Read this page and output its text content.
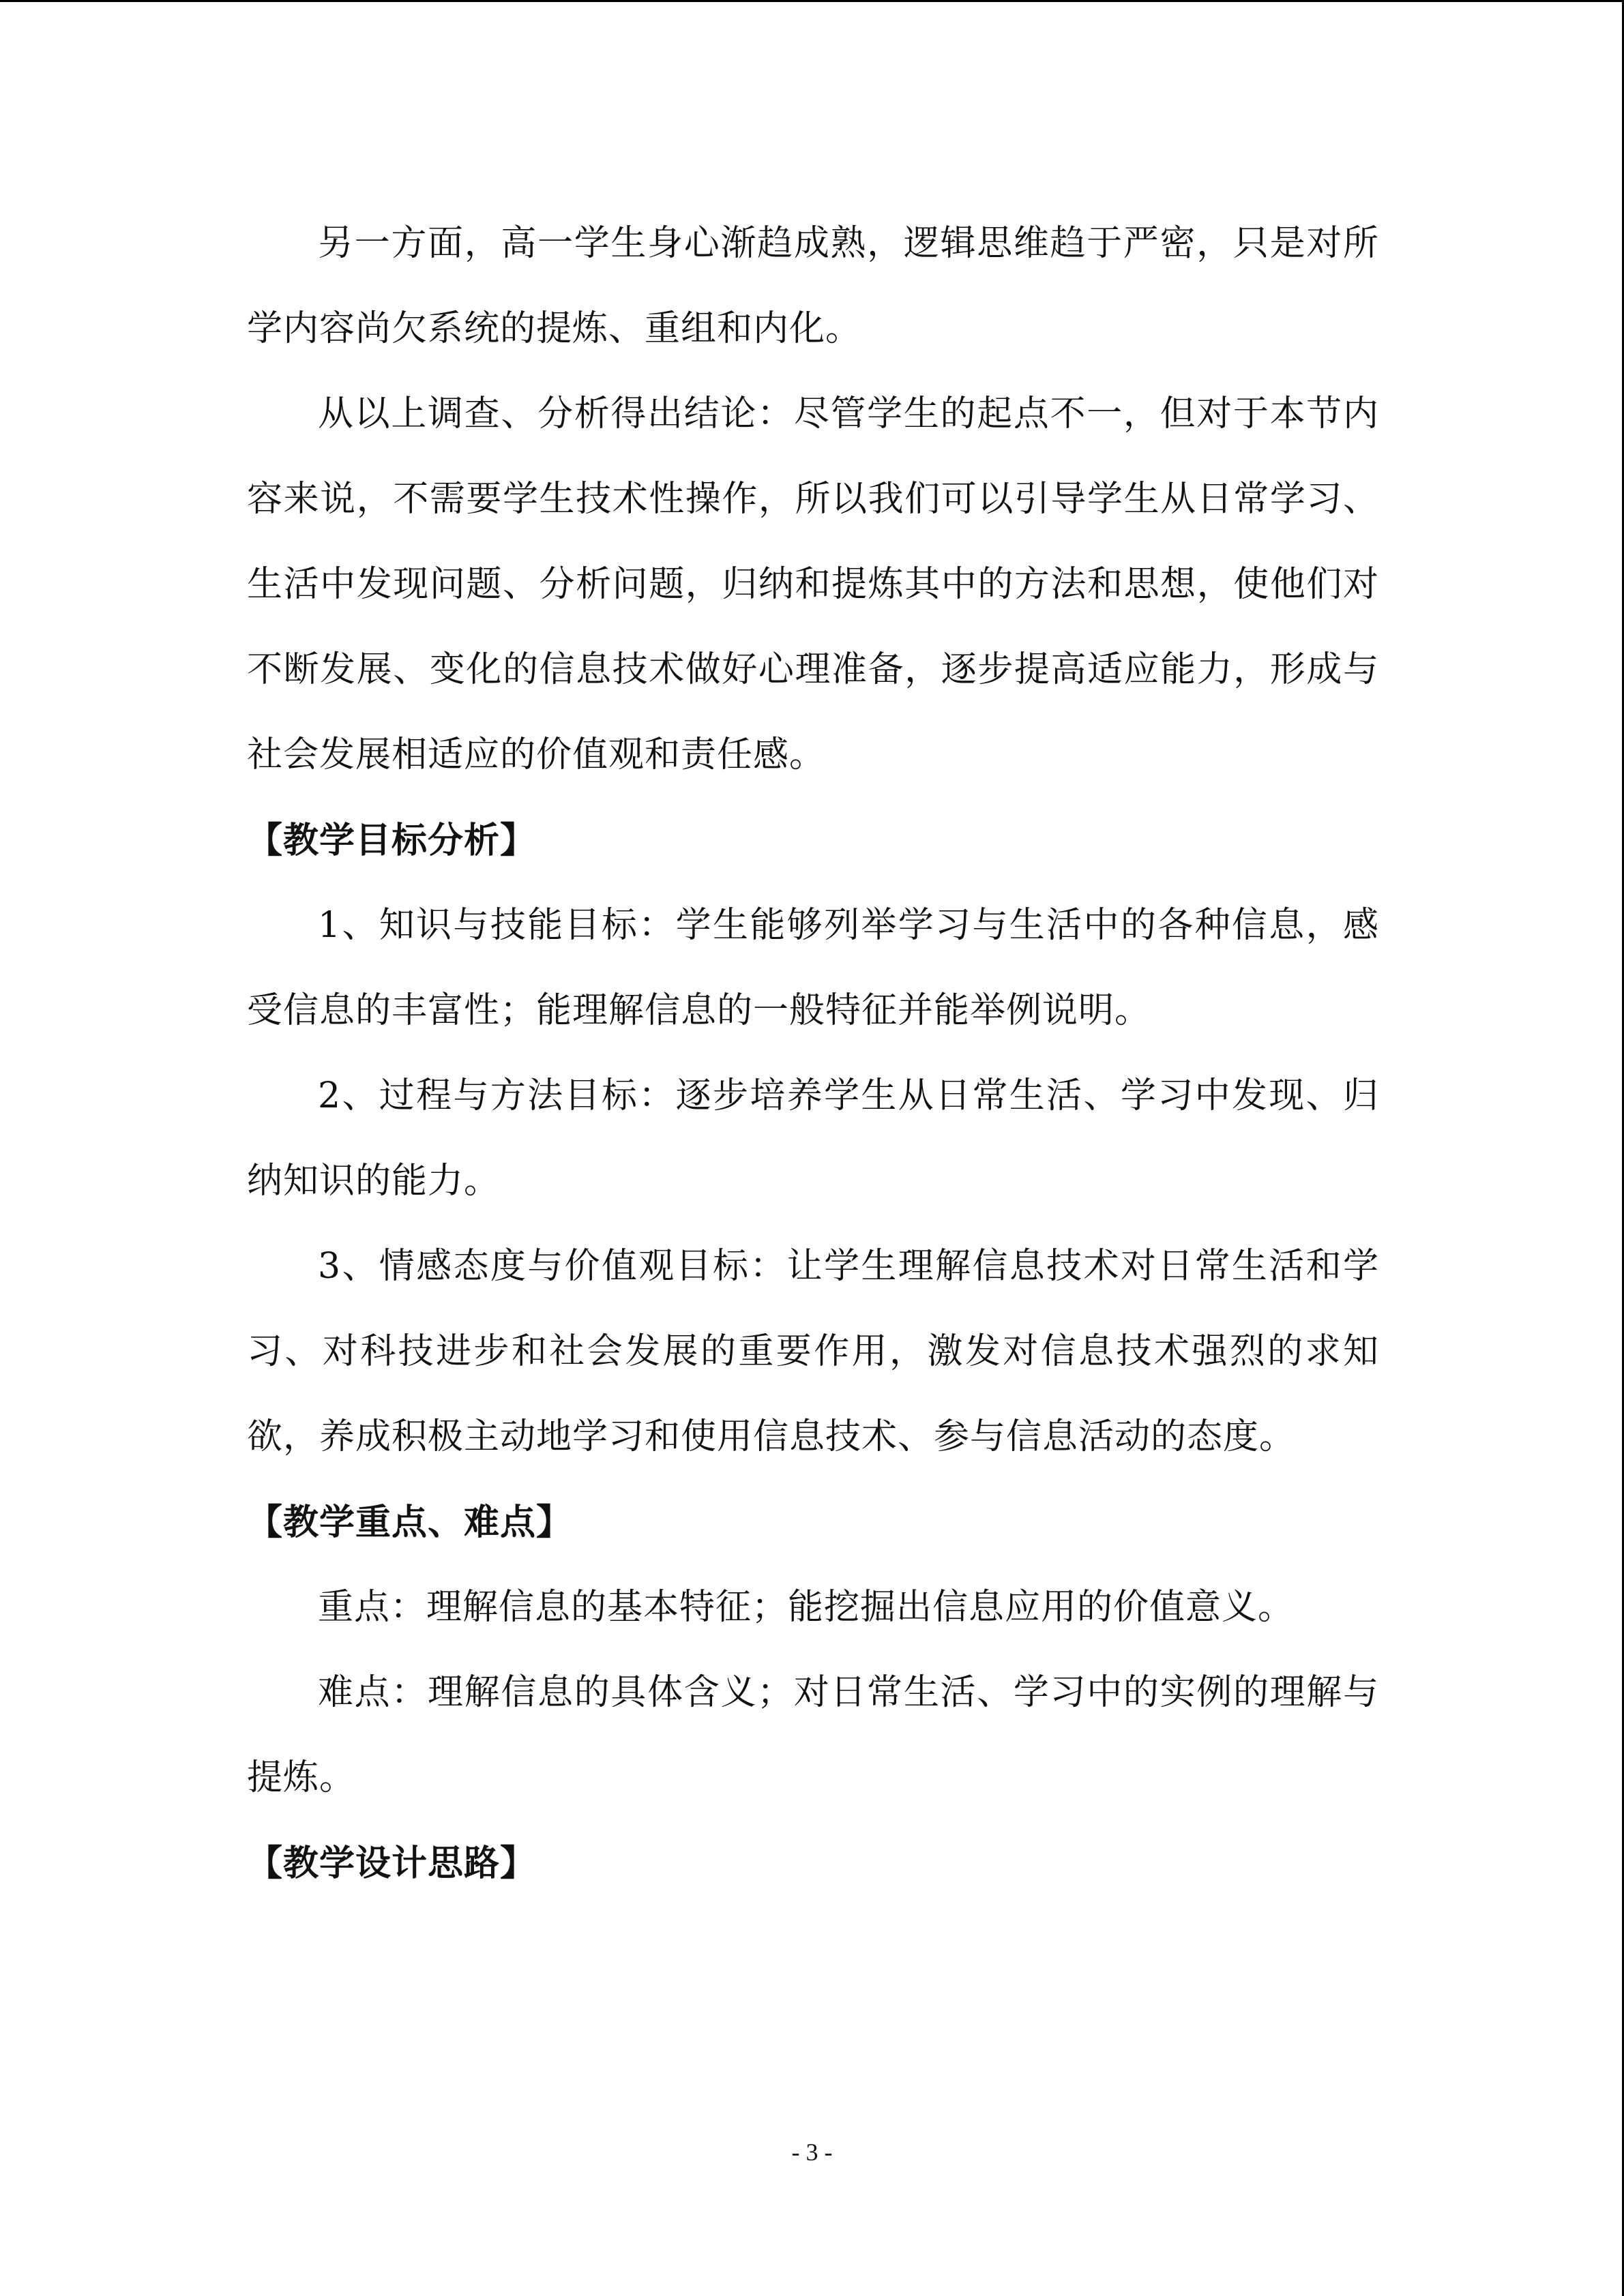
另一方面，高一学生身心渐趋成熟，逻辑思维趋于严密，只是对所学内容尚欠系统的提炼、重组和内化。

从以上调查、分析得出结论：尽管学生的起点不一，但对于本节内容来说，不需要学生技术性操作，所以我们可以引导学生从日常学习、生活中发现问题、分析问题，归纳和提炼其中的方法和思想，使他们对不断发展、变化的信息技术做好心理准备，逐步提高适应能力，形成与社会发展相适应的价值观和责任感。

【教学目标分析】

1、知识与技能目标：学生能够列举学习与生活中的各种信息，感受信息的丰富性；能理解信息的一般特征并能举例说明。

2、过程与方法目标：逐步培养学生从日常生活、学习中发现、归纳知识的能力。

3、情感态度与价值观目标：让学生理解信息技术对日常生活和学习、对科技进步和社会发展的重要作用，激发对信息技术强烈的求知欲，养成积极主动地学习和使用信息技术、参与信息活动的态度。

【教学重点、难点】

重点：理解信息的基本特征；能挖掘出信息应用的价值意义。

难点：理解信息的具体含义；对日常生活、学习中的实例的理解与提炼。

【教学设计思路】

- 3 -
